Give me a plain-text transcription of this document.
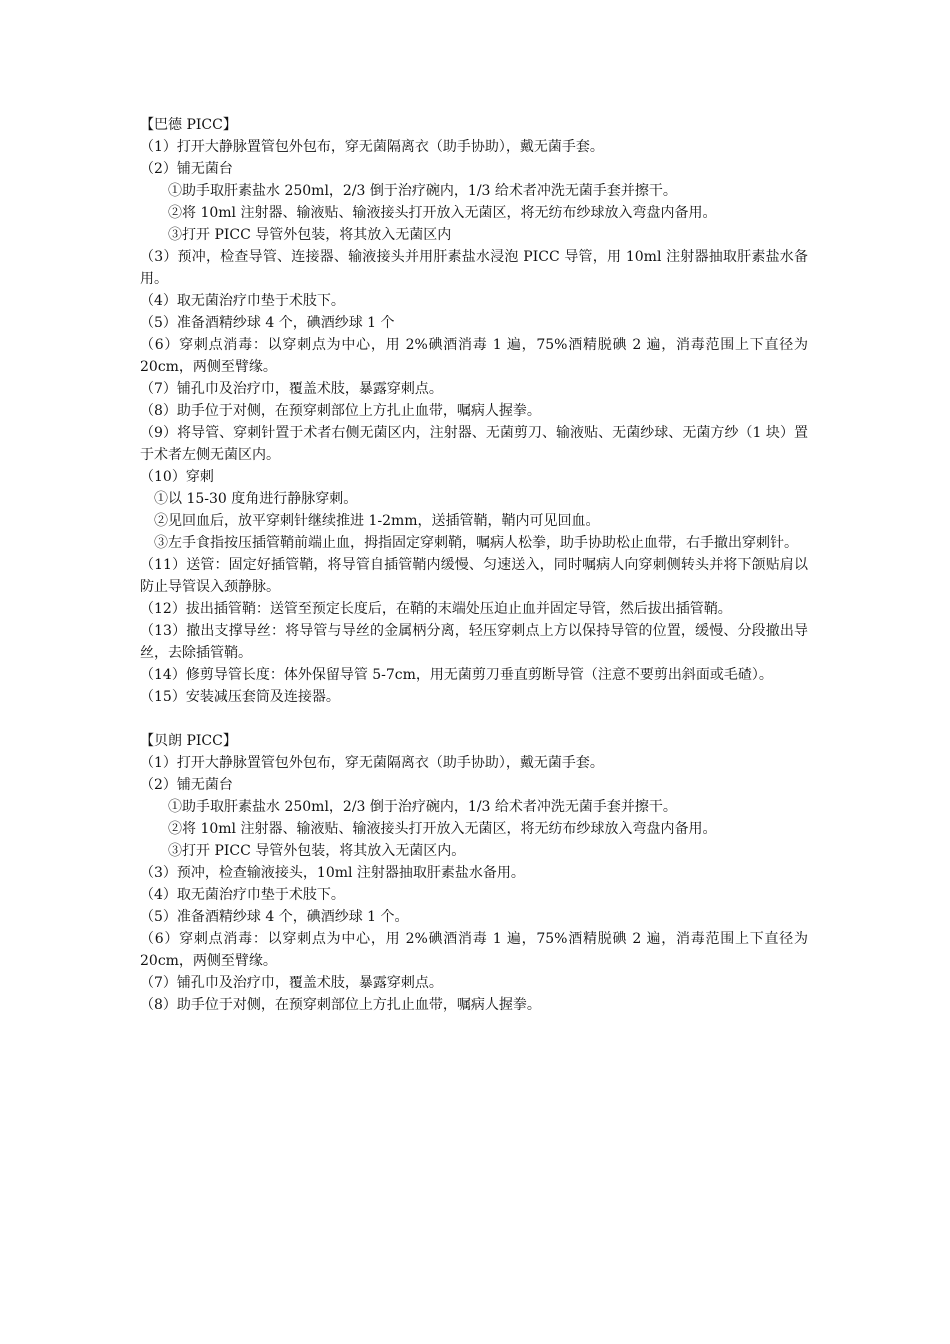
【巴德 PICC】

（1）打开大静脉置管包外包布，穿无菌隔离衣（助手协助），戴无菌手套。

（2）铺无菌台

①助手取肝素盐水 250ml，2/3 倒于治疗碗内，1/3 给术者冲洗无菌手套并擦干。

②将 10ml 注射器、输液贴、输液接头打开放入无菌区，将无纺布纱球放入弯盘内备用。

③打开 PICC 导管外包装，将其放入无菌区内

（3）预冲，检查导管、连接器、输液接头并用肝素盐水浸泡 PICC 导管，用 10ml 注射器抽取肝素盐水备用。

（4）取无菌治疗巾垫于术肢下。

（5）准备酒精纱球 4 个，碘酒纱球 1 个

（6）穿刺点消毒：以穿刺点为中心，用 2%碘酒消毒 1 遍，75%酒精脱碘 2 遍，消毒范围上下直径为 20cm，两侧至臂缘。

（7）铺孔巾及治疗巾，覆盖术肢，暴露穿刺点。

（8）助手位于对侧，在预穿刺部位上方扎止血带，嘱病人握拳。

（9）将导管、穿刺针置于术者右侧无菌区内，注射器、无菌剪刀、输液贴、无菌纱球、无菌方纱（1 块）置于术者左侧无菌区内。

（10）穿刺

①以 15-30 度角进行静脉穿刺。

②见回血后，放平穿刺针继续推进 1-2mm，送插管鞘，鞘内可见回血。

③左手食指按压插管鞘前端止血，拇指固定穿刺鞘，嘱病人松拳，助手协助松止血带，右手撤出穿刺针。

（11）送管：固定好插管鞘，将导管自插管鞘内缓慢、匀速送入，同时嘱病人向穿刺侧转头并将下颌贴肩以防止导管误入颈静脉。

（12）拔出插管鞘：送管至预定长度后，在鞘的末端处压迫止血并固定导管，然后拔出插管鞘。

（13）撤出支撑导丝：将导管与导丝的金属柄分离，轻压穿刺点上方以保持导管的位置，缓慢、分段撤出导丝，去除插管鞘。

（14）修剪导管长度：体外保留导管 5-7cm，用无菌剪刀垂直剪断导管（注意不要剪出斜面或毛碴）。

（15）安装减压套筒及连接器。

【贝朗 PICC】

（1）打开大静脉置管包外包布，穿无菌隔离衣（助手协助），戴无菌手套。

（2）铺无菌台

①助手取肝素盐水 250ml，2/3 倒于治疗碗内，1/3 给术者冲洗无菌手套并擦干。

②将 10ml 注射器、输液贴、输液接头打开放入无菌区，将无纺布纱球放入弯盘内备用。

③打开 PICC 导管外包装，将其放入无菌区内。

（3）预冲，检查输液接头，10ml 注射器抽取肝素盐水备用。

（4）取无菌治疗巾垫于术肢下。

（5）准备酒精纱球 4 个，碘酒纱球 1 个。

（6）穿刺点消毒：以穿刺点为中心，用 2%碘酒消毒 1 遍，75%酒精脱碘 2 遍，消毒范围上下直径为 20cm，两侧至臂缘。

（7）铺孔巾及治疗巾，覆盖术肢，暴露穿刺点。

（8）助手位于对侧，在预穿刺部位上方扎止血带，嘱病人握拳。
